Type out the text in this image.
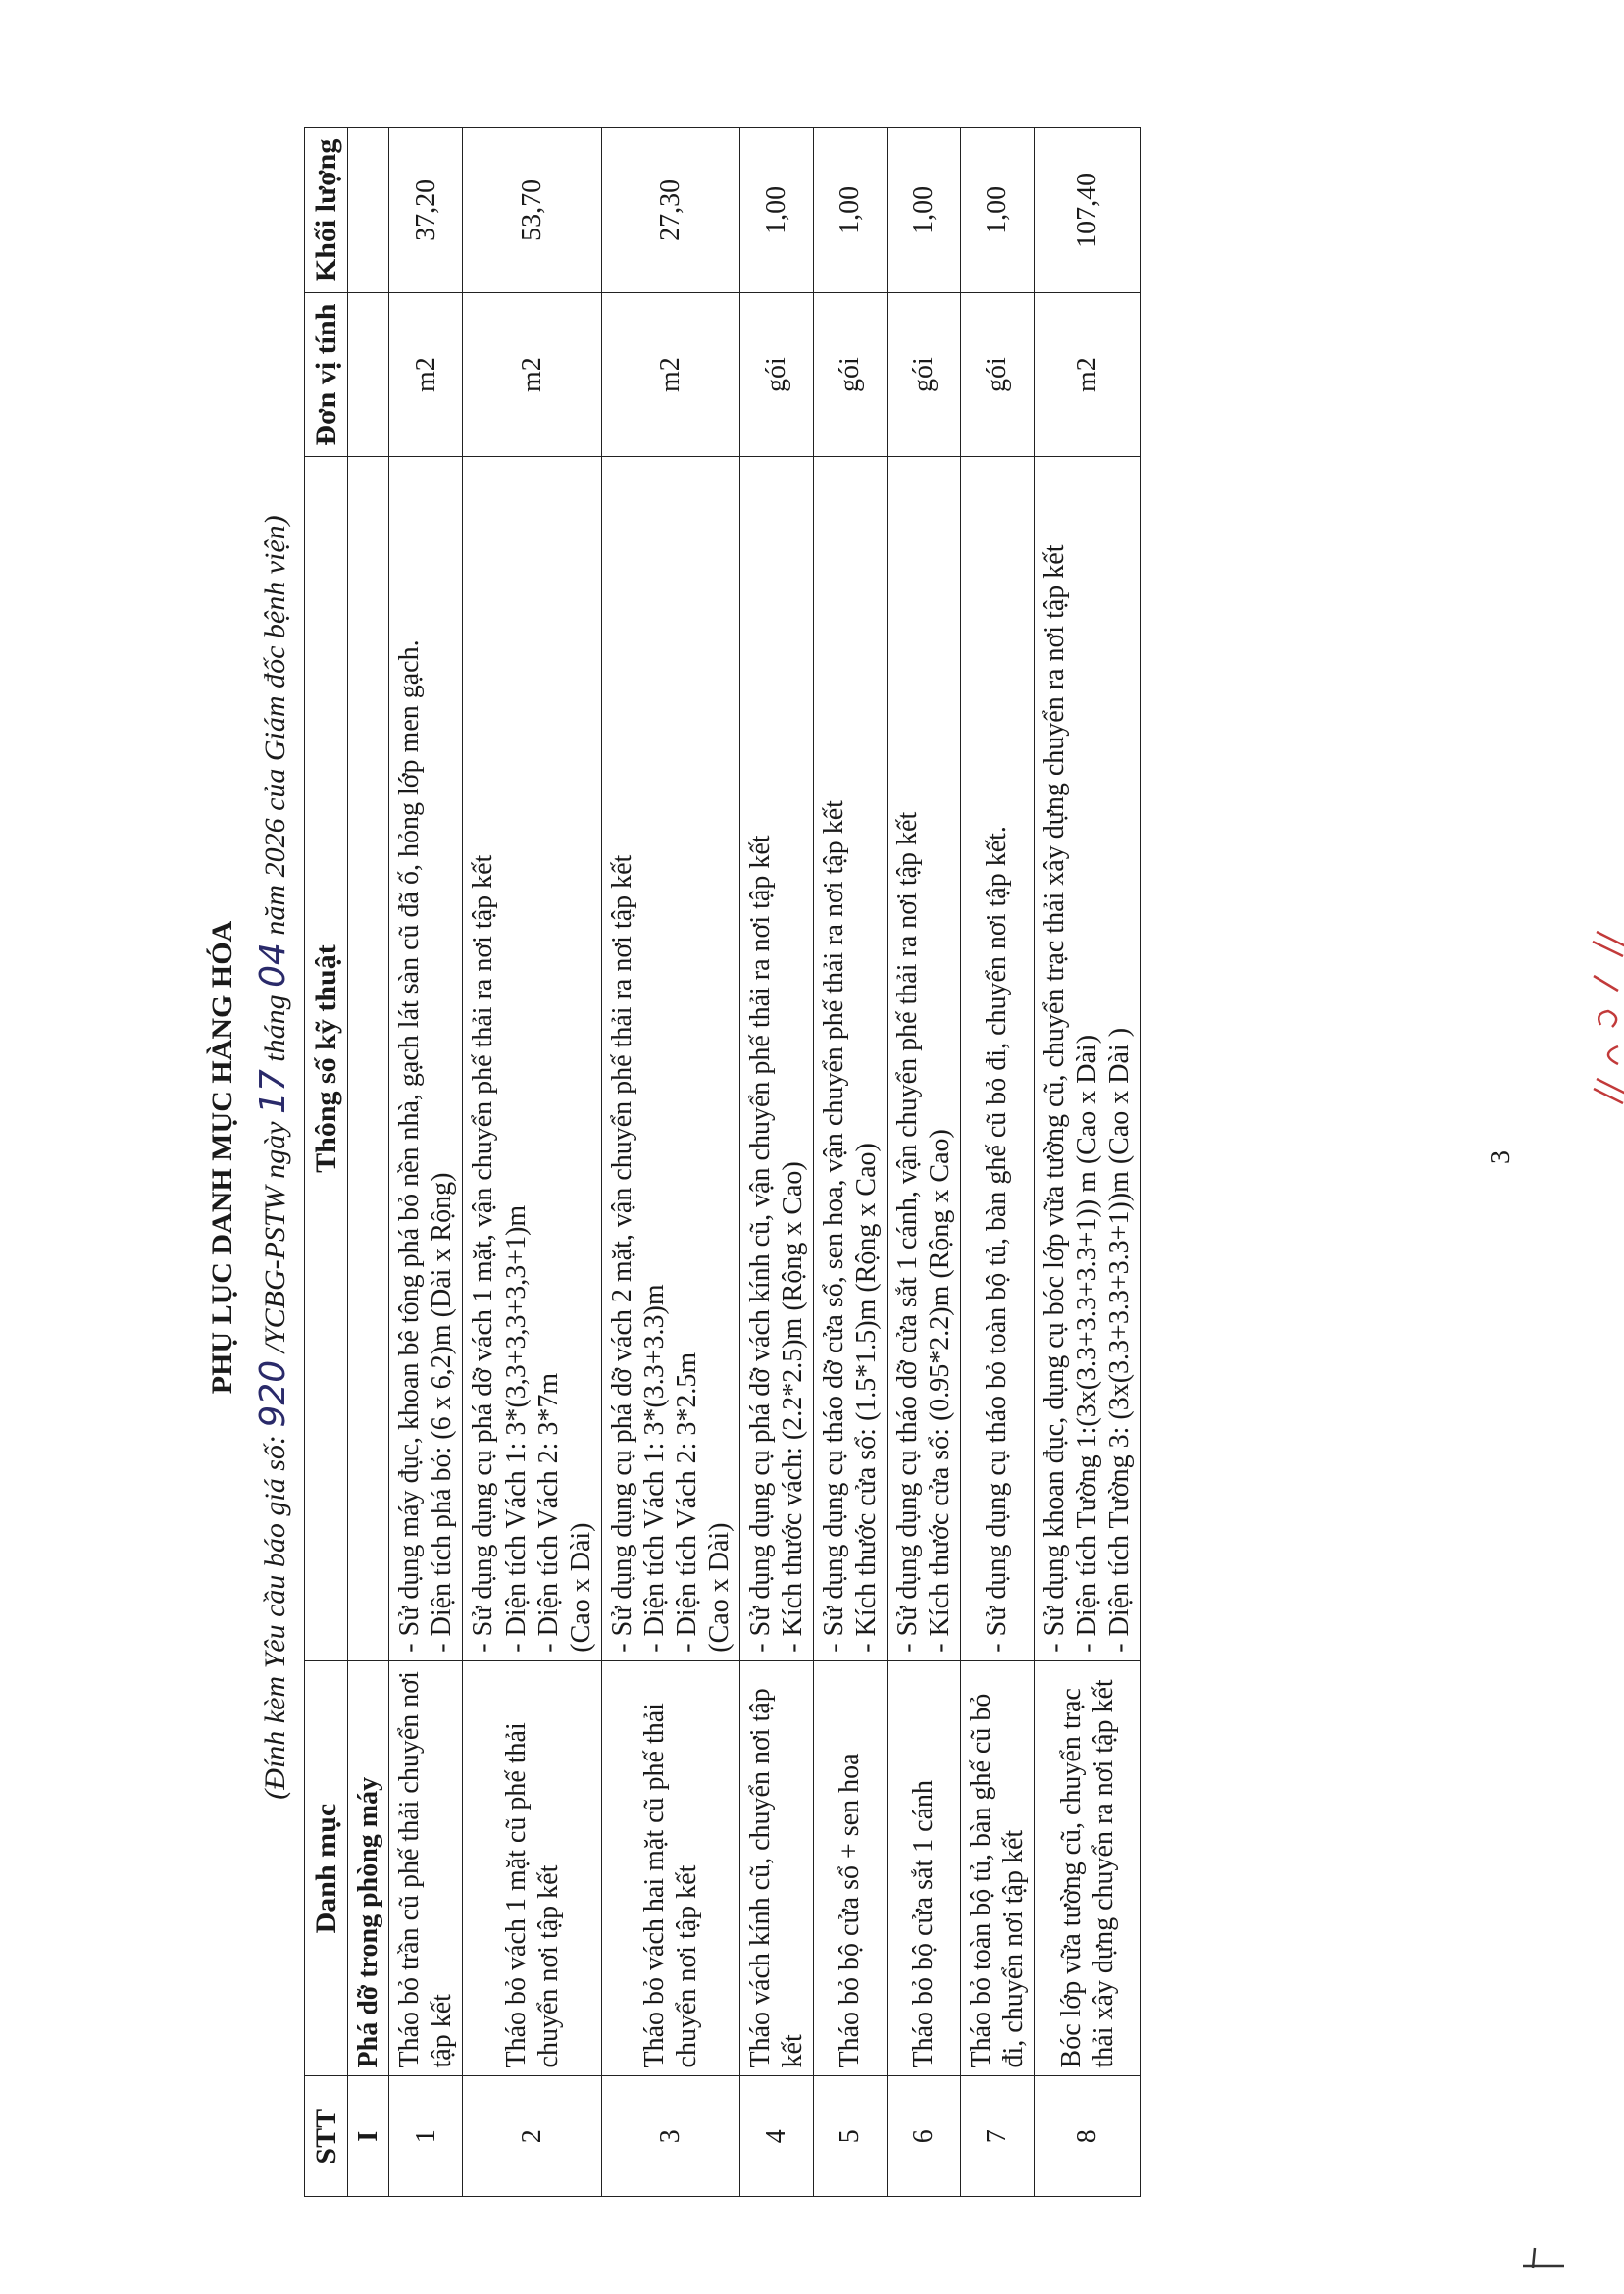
PHỤ LỤC DANH MỤC HÀNG HÓA
(Đính kèm Yêu cầu báo giá số: 920 /YCBG-PSTW ngày 17 tháng 04 năm 2026 của Giám đốc bệnh viện)
STT	Danh mục	Thông số kỹ thuật	Đơn vị tính	Khối lượng
I	Phá dỡ trong phòng máy			
1	Tháo bỏ trần cũ phế thải chuyển nơi tập kết	- Sử dụng máy đục, khoan bê tông phá bỏ nền nhà, gạch lát sàn cũ đã ố, hỏng lớp men gạch. - Diện tích phá bỏ: (6 x 6,2)m (Dài x Rộng)	m2	37,20
2	Tháo bỏ vách 1 mặt cũ phế thải chuyển nơi tập kết	- Sử dụng dụng cụ phá dỡ vách 1 mặt, vận chuyển phế thải ra nơi tập kết - Diện tích Vách 1: 3*(3,3+3,3+3,3+1)m - Diện tích Vách 2: 3*7m (Cao x Dài)	m2	53,70
3	Tháo bỏ vách hai mặt cũ phế thải chuyển nơi tập kết	- Sử dụng dụng cụ phá dỡ vách 2 mặt, vận chuyển phế thải ra nơi tập kết - Diện tích Vách 1: 3*(3.3+3.3)m - Diện tích Vách 2: 3*2.5m (Cao x Dài)	m2	27,30
4	Tháo vách kính cũ, chuyển nơi tập kết	- Sử dụng dụng cụ phá dỡ vách kính cũ, vận chuyển phế thải ra nơi tập kết - Kích thước vách: (2.2*2.5)m (Rộng x Cao)	gói	1,00
5	Tháo bỏ bộ cửa sổ + sen hoa	- Sử dụng dụng cụ tháo dỡ cửa sổ, sen hoa, vận chuyển phế thải ra nơi tập kết - Kích thước cửa sổ: (1.5*1.5)m (Rộng x Cao)	gói	1,00
6	Tháo bỏ bộ cửa sắt 1 cánh	- Sử dụng dụng cụ tháo dỡ cửa sắt 1 cánh, vận chuyển phế thải ra nơi tập kết - Kích thước cửa sổ: (0.95*2.2)m (Rộng x Cao)	gói	1,00
7	Tháo bỏ toàn bộ tủ, bàn ghế cũ bỏ đi, chuyển nơi tập kết	- Sử dụng dụng cụ tháo bỏ toàn bộ tủ, bàn ghế cũ bỏ đi, chuyển nơi tập kết.	gói	1,00
8	Bóc lớp vữa tường cũ, chuyển trạc thải xây dựng chuyển ra nơi tập kết	- Sử dụng khoan đục, dụng cụ bóc lớp vữa tường cũ, chuyển trạc thải xây dựng chuyển ra nơi tập kết - Diện tích Tường 1:(3x(3.3+3.3+3.3+1)) m (Cao x Dài) - Diện tích Tường 3: (3x(3.3+3.3+3.3+1))m (Cao x Dài )	m2	107,40
3
